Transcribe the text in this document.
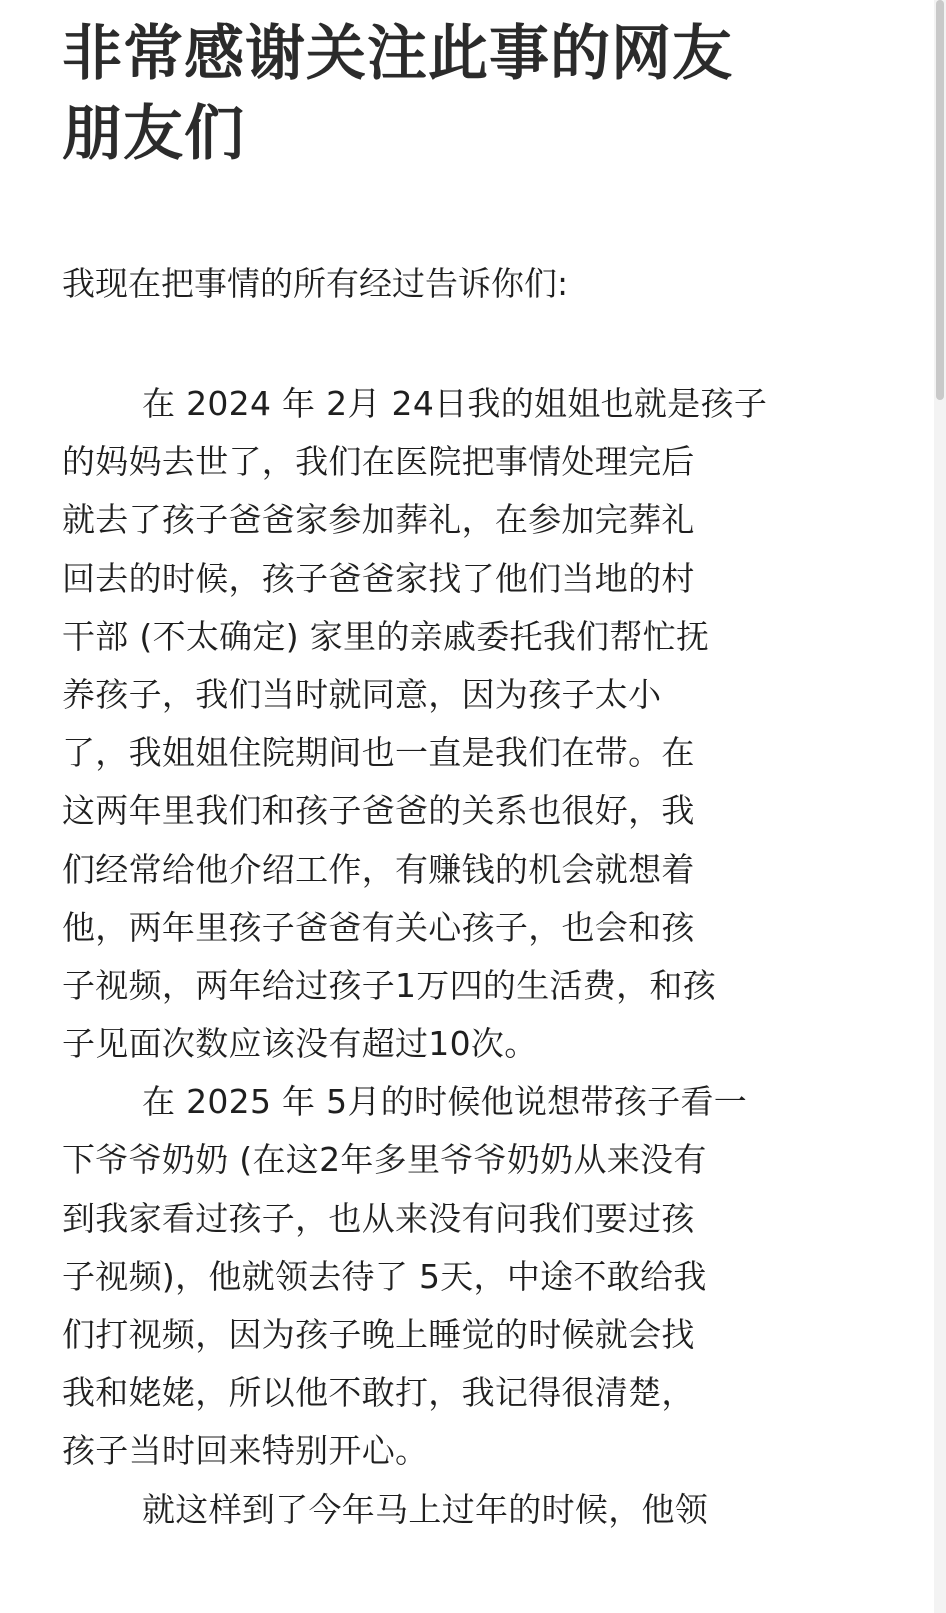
非常感谢关注此事的网友
朋友们

我现在把事情的所有经过告诉你们:

在 2024 年 2月 24日我的姐姐也就是孩子
的妈妈去世了，我们在医院把事情处理完后
就去了孩子爸爸家参加葬礼，在参加完葬礼
回去的时候，孩子爸爸家找了他们当地的村
干部 (不太确定) 家里的亲戚委托我们帮忙抚
养孩子，我们当时就同意，因为孩子太小
了，我姐姐住院期间也一直是我们在带。在
这两年里我们和孩子爸爸的关系也很好，我
们经常给他介绍工作，有赚钱的机会就想着
他，两年里孩子爸爸有关心孩子，也会和孩
子视频，两年给过孩子1万四的生活费，和孩
子见面次数应该没有超过10次。
在 2025 年 5月的时候他说想带孩子看一
下爷爷奶奶 (在这2年多里爷爷奶奶从来没有
到我家看过孩子，也从来没有问我们要过孩
子视频)，他就领去待了 5天，中途不敢给我
们打视频，因为孩子晚上睡觉的时候就会找
我和姥姥，所以他不敢打，我记得很清楚，
孩子当时回来特别开心。
就这样到了今年马上过年的时候，他领
